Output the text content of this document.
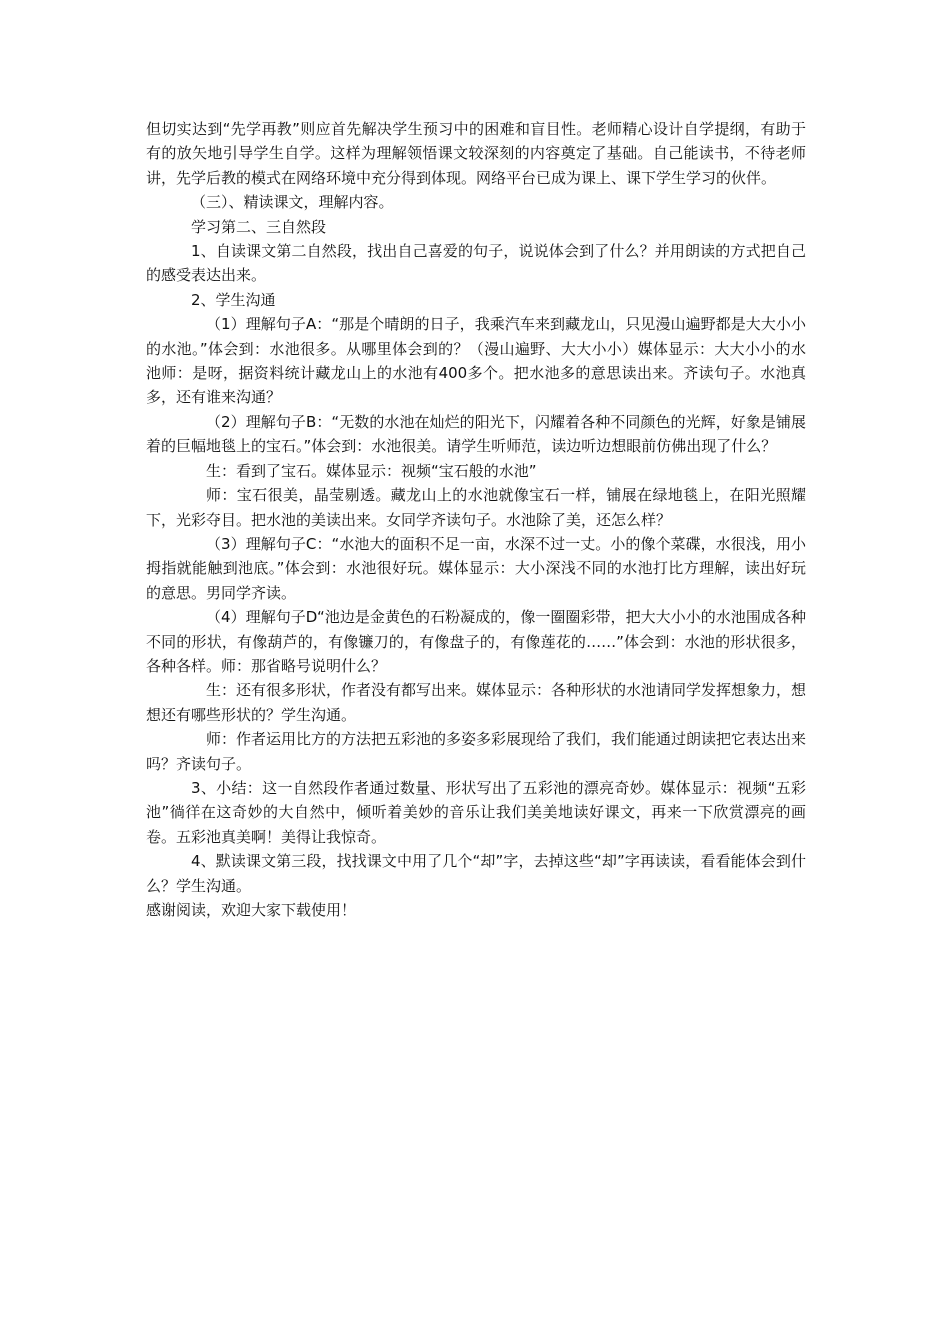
但切实达到“先学再教”则应首先解决学生预习中的困难和盲目性。老师精心设计自学提纲，有助于有的放矢地引导学生自学。这样为理解领悟课文较深刻的内容奠定了基础。自己能读书，不待老师讲，先学后教的模式在网络环境中充分得到体现。网络平台已成为课上、课下学生学习的伙伴。

（三）、精读课文，理解内容。

学习第二、三自然段

1、自读课文第二自然段，找出自己喜爱的句子，说说体会到了什么？并用朗读的方式把自己的感受表达出来。

2、学生沟通

（1）理解句子A：“那是个晴朗的日子，我乘汽车来到藏龙山，只见漫山遍野都是大大小小的水池。”体会到：水池很多。从哪里体会到的？（漫山遍野、大大小小）媒体显示：大大小小的水池师：是呀，据资料统计藏龙山上的水池有400多个。把水池多的意思读出来。齐读句子。水池真多，还有谁来沟通？

（2）理解句子B：“无数的水池在灿烂的阳光下，闪耀着各种不同颜色的光辉，好象是铺展着的巨幅地毯上的宝石。”体会到：水池很美。请学生听师范，读边听边想眼前仿佛出现了什么？

生：看到了宝石。媒体显示：视频“宝石般的水池”

师：宝石很美，晶莹剔透。藏龙山上的水池就像宝石一样，铺展在绿地毯上，在阳光照耀下，光彩夺目。把水池的美读出来。女同学齐读句子。水池除了美，还怎么样？

（3）理解句子C：“水池大的面积不足一亩，水深不过一丈。小的像个菜碟，水很浅，用小拇指就能触到池底。”体会到：水池很好玩。媒体显示：大小深浅不同的水池打比方理解，读出好玩的意思。男同学齐读。

（4）理解句子D“池边是金黄色的石粉凝成的，像一圈圈彩带，把大大小小的水池围成各种不同的形状，有像葫芦的，有像镰刀的，有像盘子的，有像莲花的……”体会到：水池的形状很多，各种各样。师：那省略号说明什么？

生：还有很多形状，作者没有都写出来。媒体显示：各种形状的水池请同学发挥想象力，想想还有哪些形状的？学生沟通。

师：作者运用比方的方法把五彩池的多姿多彩展现给了我们，我们能通过朗读把它表达出来吗？齐读句子。

3、小结：这一自然段作者通过数量、形状写出了五彩池的漂亮奇妙。媒体显示：视频“五彩池”徜徉在这奇妙的大自然中，倾听着美妙的音乐让我们美美地读好课文，再来一下欣赏漂亮的画卷。五彩池真美啊！美得让我惊奇。

4、默读课文第三段，找找课文中用了几个“却”字，去掉这些“却”字再读读，看看能体会到什么？学生沟通。

感谢阅读，欢迎大家下载使用！
